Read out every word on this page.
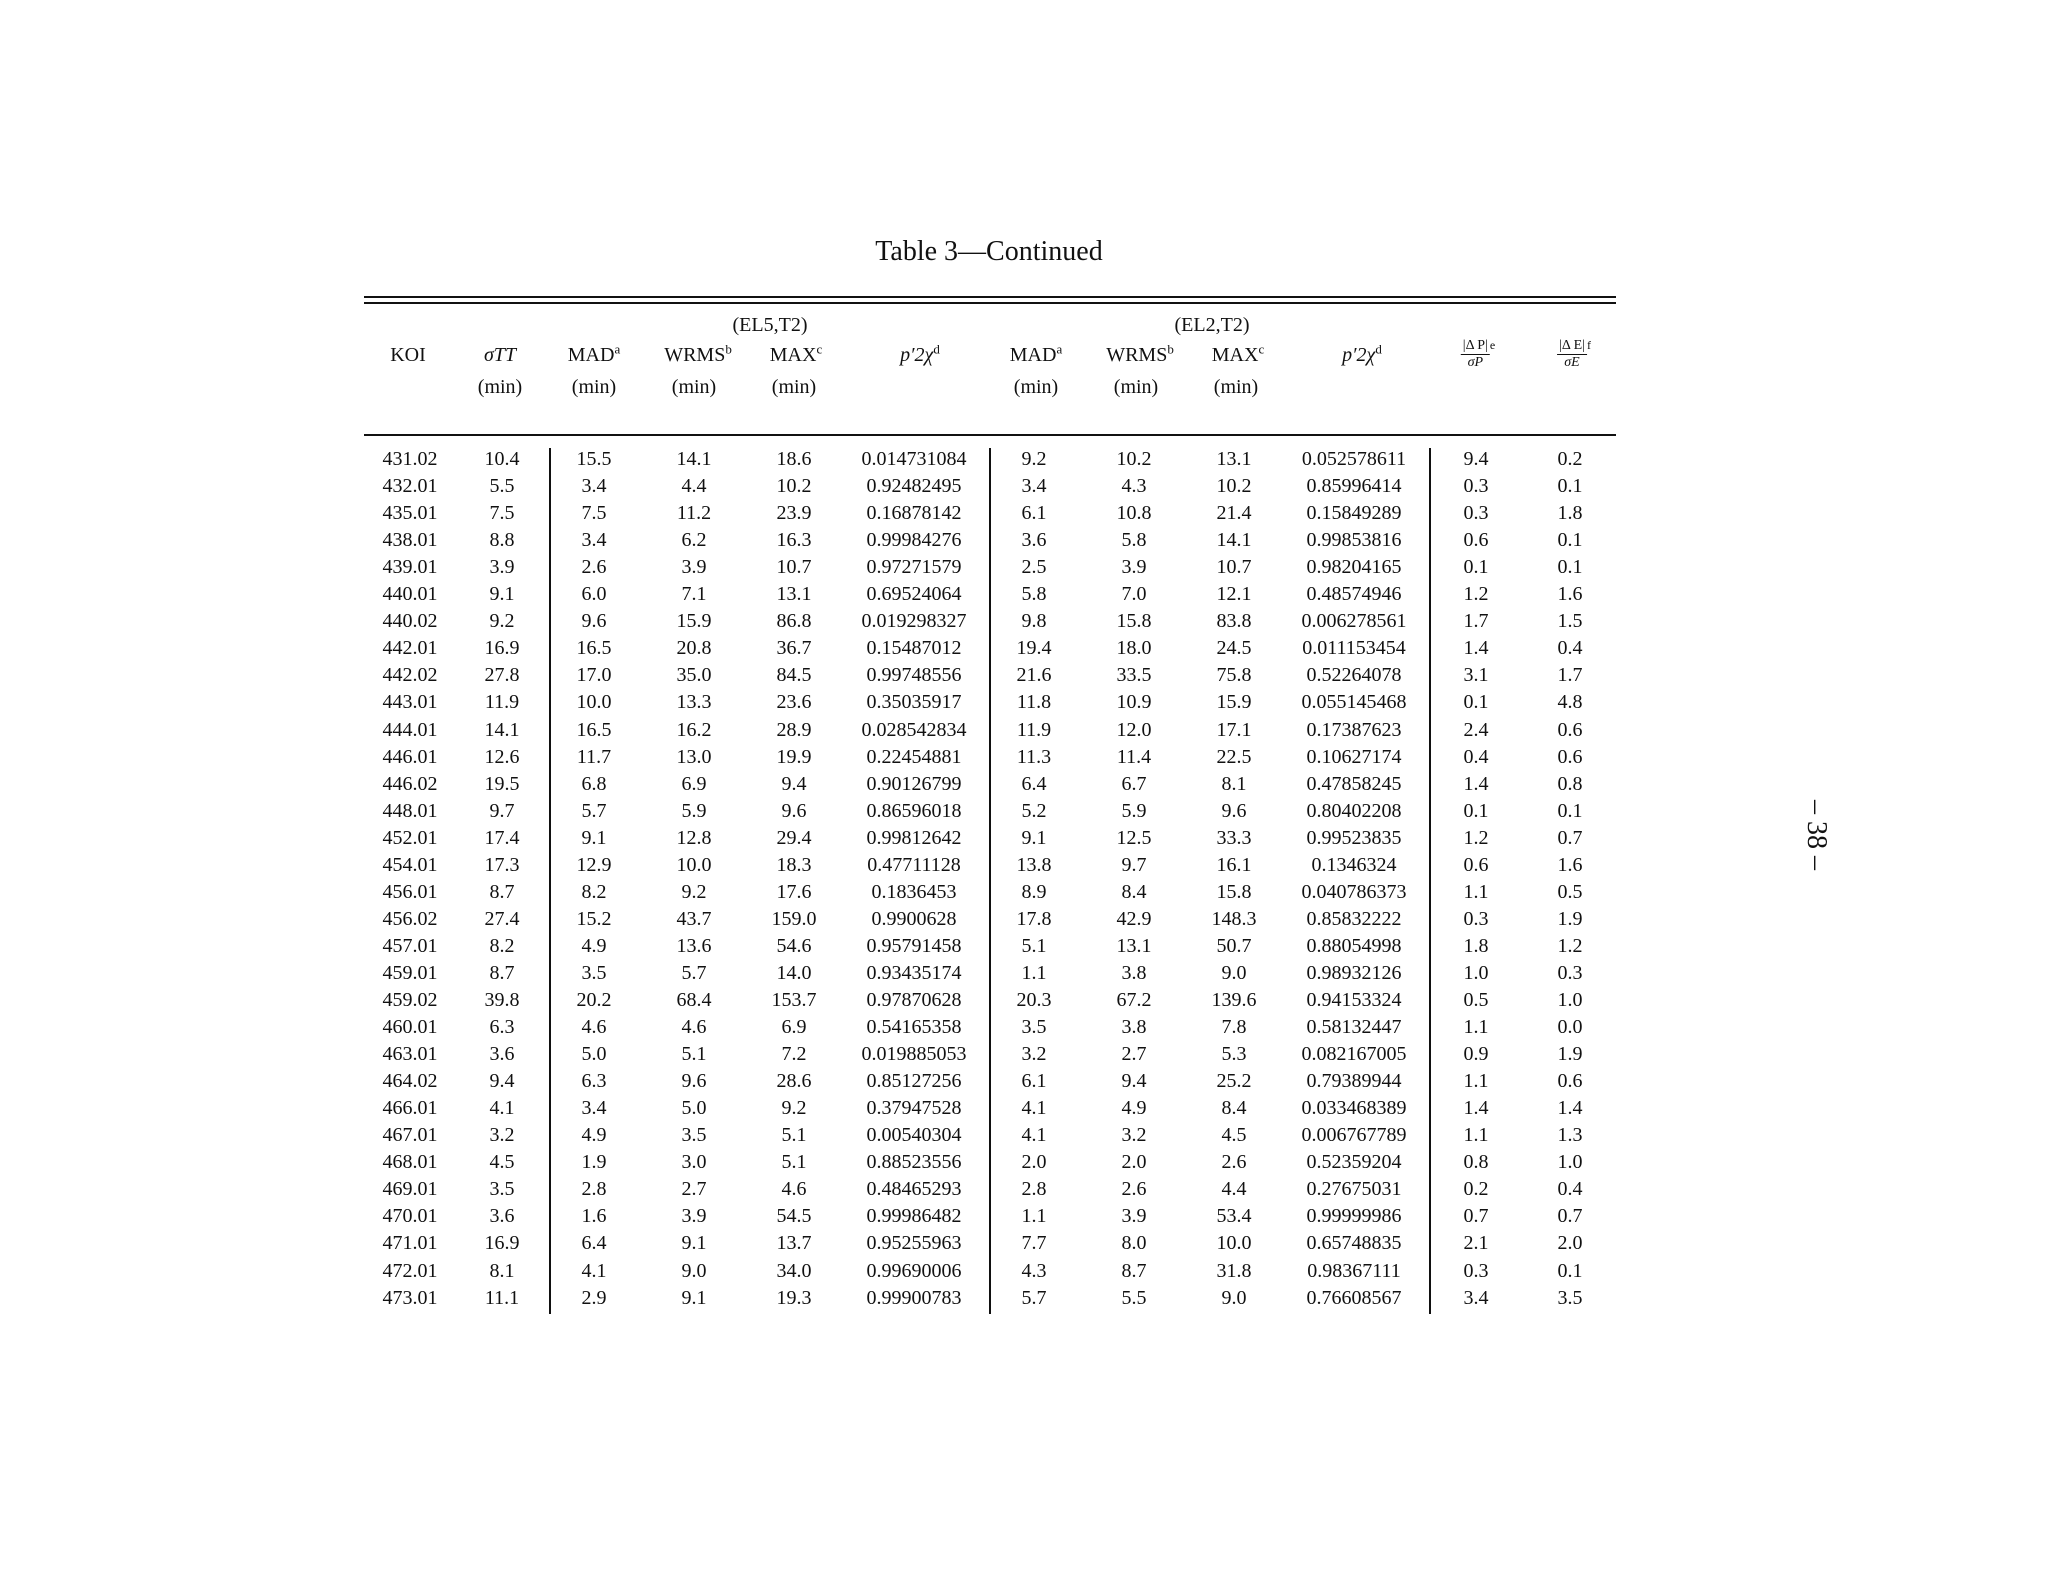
Table 3—Continued
(EL5,T2)	(EL2,T2)
KOI	σTT	MAD$^a$ WRMS$^b$ MAX$^c$	$p'2\chi^d$	MAD$^a$ WRMS$^b$ MAX$^c$	$p'2\chi^d$	$\frac{\text{|Δ P|}}{\sigma P} ^e$	$\frac{\text{|Δ E|}}{\sigma E} ^f$
(min) (min)	(min)	(min)	(min)	(min)	(min)
431.02 10.4	15.5	14.1	18.6	0.014731084	9.2	10.2	13.1	0.052578611	9.4	0.2
432.01	5.5	3.4	4.4	10.2	0.92482495	3.4	4.3	10.2	0.85996414	0.3	0.1
435.01	7.5	7.5	11.2	23.9	0.16878142	6.1	10.8	21.4	0.15849289	0.3	1.8
438.01	8.8	3.4	6.2	16.3	0.99984276	3.6	5.8	14.1	0.99853816	0.6	0.1
439.01	3.9	2.6	3.9	10.7	0.97271579	2.5	3.9	10.7	0.98204165	0.1	0.1
440.01	9.1	6.0	7.1	13.1	0.69524064	5.8	7.0	12.1	0.48574946	1.2	1.6
440.02	9.2	9.6	15.9	86.8	0.019298327	9.8	15.8	83.8	0.006278561	1.7	1.5
442.01 16.9	16.5	20.8	36.7	0.15487012	19.4	18.0	24.5	0.011153454	1.4	0.4
442.02 27.8	17.0	35.0	84.5	0.99748556	21.6	33.5	75.8	0.52264078	3.1	1.7
443.01 11.9	10.0	13.3	23.6	0.35035917	11.8	10.9	15.9	0.055145468	0.1	4.8
444.01 14.1	16.5	16.2	28.9	0.028542834	11.9	12.0	17.1	0.17387623	2.4	0.6
446.01 12.6	11.7	13.0	19.9	0.22454881	11.3	11.4	22.5	0.10627174	0.4	0.6
446.02 19.5	6.8	6.9	9.4	0.90126799	6.4	6.7	8.1	0.47858245	1.4	0.8
448.01	9.7	5.7	5.9	9.6	0.86596018	5.2	5.9	9.6	0.80402208	0.1	0.1
452.01 17.4	9.1	12.8	29.4	0.99812642	9.1	12.5	33.3	0.99523835	1.2	0.7
454.01 17.3	12.9	10.0	18.3	0.47711128	13.8	9.7	16.1	0.1346324	0.6	1.6
456.01	8.7	8.2	9.2	17.6	0.1836453	8.9	8.4	15.8	0.040786373	1.1	0.5
456.02 27.4	15.2	43.7	159.0	0.9900628	17.8	42.9	148.3	0.85832222	0.3	1.9
457.01	8.2	4.9	13.6	54.6	0.95791458	5.1	13.1	50.7	0.88054998	1.8	1.2
459.01	8.7	3.5	5.7	14.0	0.93435174	1.1	3.8	9.0	0.98932126	1.0	0.3
459.02 39.8	20.2	68.4	153.7	0.97870628	20.3	67.2	139.6	0.94153324	0.5	1.0
460.01	6.3	4.6	4.6	6.9	0.54165358	3.5	3.8	7.8	0.58132447	1.1	0.0
463.01	3.6	5.0	5.1	7.2	0.019885053	3.2	2.7	5.3	0.082167005	0.9	1.9
464.02	9.4	6.3	9.6	28.6	0.85127256	6.1	9.4	25.2	0.79389944	1.1	0.6
466.01	4.1	3.4	5.0	9.2	0.37947528	4.1	4.9	8.4	0.033468389	1.4	1.4
467.01	3.2	4.9	3.5	5.1	0.00540304	4.1	3.2	4.5	0.006767789	1.1	1.3
468.01	4.5	1.9	3.0	5.1	0.88523556	2.0	2.0	2.6	0.52359204	0.8	1.0
469.01	3.5	2.8	2.7	4.6	0.48465293	2.8	2.6	4.4	0.27675031	0.2	0.4
470.01	3.6	1.6	3.9	54.5	0.99986482	1.1	3.9	53.4	0.99999986	0.7	0.7
471.01 16.9	6.4	9.1	13.7	0.95255963	7.7	8.0	10.0	0.65748835	2.1	2.0
472.01	8.1	4.1	9.0	34.0	0.99690006	4.3	8.7	31.8	0.98367111	0.3	0.1
473.01 11.1	2.9	9.1	19.3	0.99900783	5.7	5.5	9.0	0.76608567	3.4	3.5
– 38 –
